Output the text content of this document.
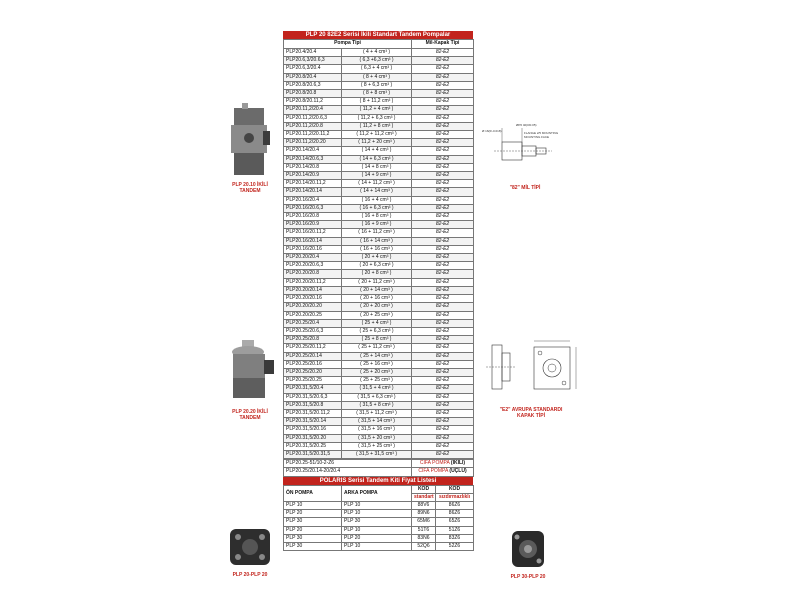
PLP 20.10 İKİLİ
TANDEM
PLP 20.20 İKİLİ
TANDEM
PLP 20-PLP 20
Ø 16(0/-0.018)
ØP6 40(0/0.05)
FLANGE 2/5 MOUNTING
MOUNTING FACE
"82" MİL TİPİ
"E2" AVRUPA STANDARDI
KAPAK TİPİ
PLP 30-PLP 20
PLP 20 82E2 Serisi İkili Standart Tandem Pompalar
Pompa Tipi		Mil-Kapak Tipi
PLP20.4/20.4	( 4 + 4 cm³ )	82-E2
PLP20.6,3/20.6,3	( 6,3 +6,3 cm³ )	82-E2
PLP20.6,3/20.4	( 6,3 + 4 cm³ )	82-E2
PLP20.8/20.4	( 8 + 4 cm³ )	82-E2
PLP20.8/20.6,3	( 8 + 6,3 cm³ )	82-E2
PLP20.8/20.8	( 8 + 8 cm³ )	82-E2
PLP20.8/20.11,2	( 8 + 11,2 cm³ )	82-E2
PLP20.11,2/20.4	( 11,2 + 4 cm³ )	82-E2
PLP20.11,2/20.6,3	( 11,2 + 6,3 cm³ )	82-E2
PLP20.11,2/20.8	( 11,2 + 8 cm³ )	82-E2
PLP20.11,2/20.11,2	( 11,2 + 11,2 cm³ )	82-E2
PLP20.11,2/20.20	( 11,2 + 20 cm³ )	82-E2
PLP20.14/20.4	( 14 + 4 cm³ )	82-E2
PLP20.14/20.6,3	( 14 + 6,3 cm³ )	82-E2
PLP20.14/20.8	( 14 + 8 cm³ )	82-E2
PLP20.14/20.9	( 14 + 9 cm³ )	82-E2
PLP20.14/20.11,2	( 14 + 11,2 cm³ )	82-E2
PLP20.14/20.14	( 14 + 14 cm³ )	82-E2
PLP20.16/20.4	( 16 + 4 cm³ )	82-E2
PLP20.16/20.6,3	( 16 + 6,3 cm³ )	82-E2
PLP20.16/20.8	( 16 + 8 cm³ )	82-E2
PLP20.16/20.9	( 16 + 9 cm³ )	82-E2
PLP20.16/20.11,2	( 16 + 11,2 cm³ )	82-E2
PLP20.16/20.14	( 16 + 14 cm³ )	82-E2
PLP20.16/20.16	( 16 + 16 cm³ )	82-E2
PLP20.20/20.4	( 20 + 4 cm³ )	82-E2
PLP20.20/20.6,3	( 20 + 6,3 cm³ )	82-E2
PLP20.20/20.8	( 20 + 8 cm³ )	82-E2
PLP20.20/20.11,2	( 20 + 11,2 cm³ )	82-E2
PLP20.20/20.14	( 20 + 14 cm³ )	82-E2
PLP20.20/20.16	( 20 + 16 cm³ )	82-E2
PLP20.20/20.20	( 20 + 20 cm³ )	82-E2
PLP20.20/20.25	( 20 + 25 cm³ )	82-E2
PLP20.25/20.4	( 25 + 4 cm³ )	82-E2
PLP20.25/20.6,3	( 25 + 6,3 cm³ )	82-E2
PLP20.25/20.8	( 25 + 8 cm³ )	82-E2
PLP20.25/20.11,2	( 25 + 11,2 cm³ )	82-E2
PLP20.25/20.14	( 25 + 14 cm³ )	82-E2
PLP20.25/20.16	( 25 + 16 cm³ )	82-E2
PLP20.25/20.20	( 25 + 20 cm³ )	82-E2
PLP20.25/20.25	( 25 + 25 cm³ )	82-E2
PLP20.31,5/20.4	( 31,5 + 4 cm³ )	82-E2
PLP20.31,5/20.6,3	( 31,5 + 6,3 cm³ )	82-E2
PLP20.31,5/20.8	( 31,5 + 8 cm³ )	82-E2
PLP20.31,5/20.11,2	( 31,5 + 11,2 cm³ )	82-E2
PLP20.31,5/20.14	( 31,5 + 14 cm³ )	82-E2
PLP20.31,5/20.16	( 31,5 + 16 cm³ )	82-E2
PLP20.31,5/20.20	( 31,5 + 20 cm³ )	82-E2
PLP20.31,5/20.25	( 31,5 + 25 cm³ )	82-E2
PLP20.31,5/20.31,5	( 31,5 + 31,5 cm³ )	82-E2
PLP20.25-51/10-2-Z6	CIFA POMPA (İKİLİ)
PLP20.25/20.14-20/20.4	CIFA POMPA (ÜÇLÜ)
POLARIS Serisi Tandem Kiti Fiyat Listesi
ÖN POMPA	ARKA POMPA	KOD	KOD
		standart	sızdırmazlıklı
PLP 10	PLP 10	88V6	86Z6
PLP 20	PLP 10	89N6	86Z6
PLP 30	PLP 30	65M6	65Z6
PLP 20	PLP 10	51T6	51Z6
PLP 30	PLP 20	83N6	83Z6
PLP 30	PLP 10	52Q6	52Z6
